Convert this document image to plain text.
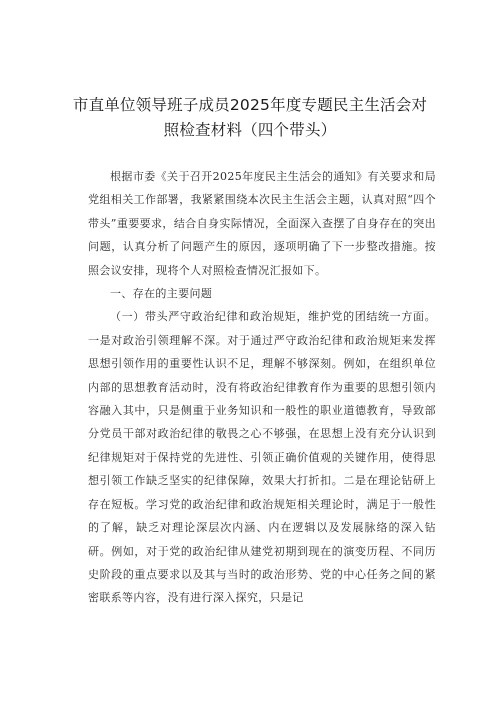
市直单位领导班子成员2025年度专题民主生活会对
照检查材料（四个带头）

根据市委《关于召开2025年度民主生活会的通知》有关要求和局党组相关工作部署，我紧紧围绕本次民主生活会主题，认真对照“四个带头”重要要求，结合自身实际情况，全面深入查摆了自身存在的突出问题，认真分析了问题产生的原因，逐项明确了下一步整改措施。按照会议安排，现将个人对照检查情况汇报如下。

一、存在的主要问题

（一）带头严守政治纪律和政治规矩，维护党的团结统一方面。一是对政治引领理解不深。对于通过严守政治纪律和政治规矩来发挥思想引领作用的重要性认识不足，理解不够深刻。例如，在组织单位内部的思想教育活动时，没有将政治纪律教育作为重要的思想引领内容融入其中，只是侧重于业务知识和一般性的职业道德教育，导致部分党员干部对政治纪律的敬畏之心不够强，在思想上没有充分认识到纪律规矩对于保持党的先进性、引领正确价值观的关键作用，使得思想引领工作缺乏坚实的纪律保障，效果大打折扣。二是在理论钻研上存在短板。学习党的政治纪律和政治规矩相关理论时，满足于一般性的了解，缺乏对理论深层次内涵、内在逻辑以及发展脉络的深入钻研。例如，对于党的政治纪律从建党初期到现在的演变历程、不同历史阶段的重点要求以及其与当时的政治形势、党的中心任务之间的紧密联系等内容，没有进行深入探究，只是记
